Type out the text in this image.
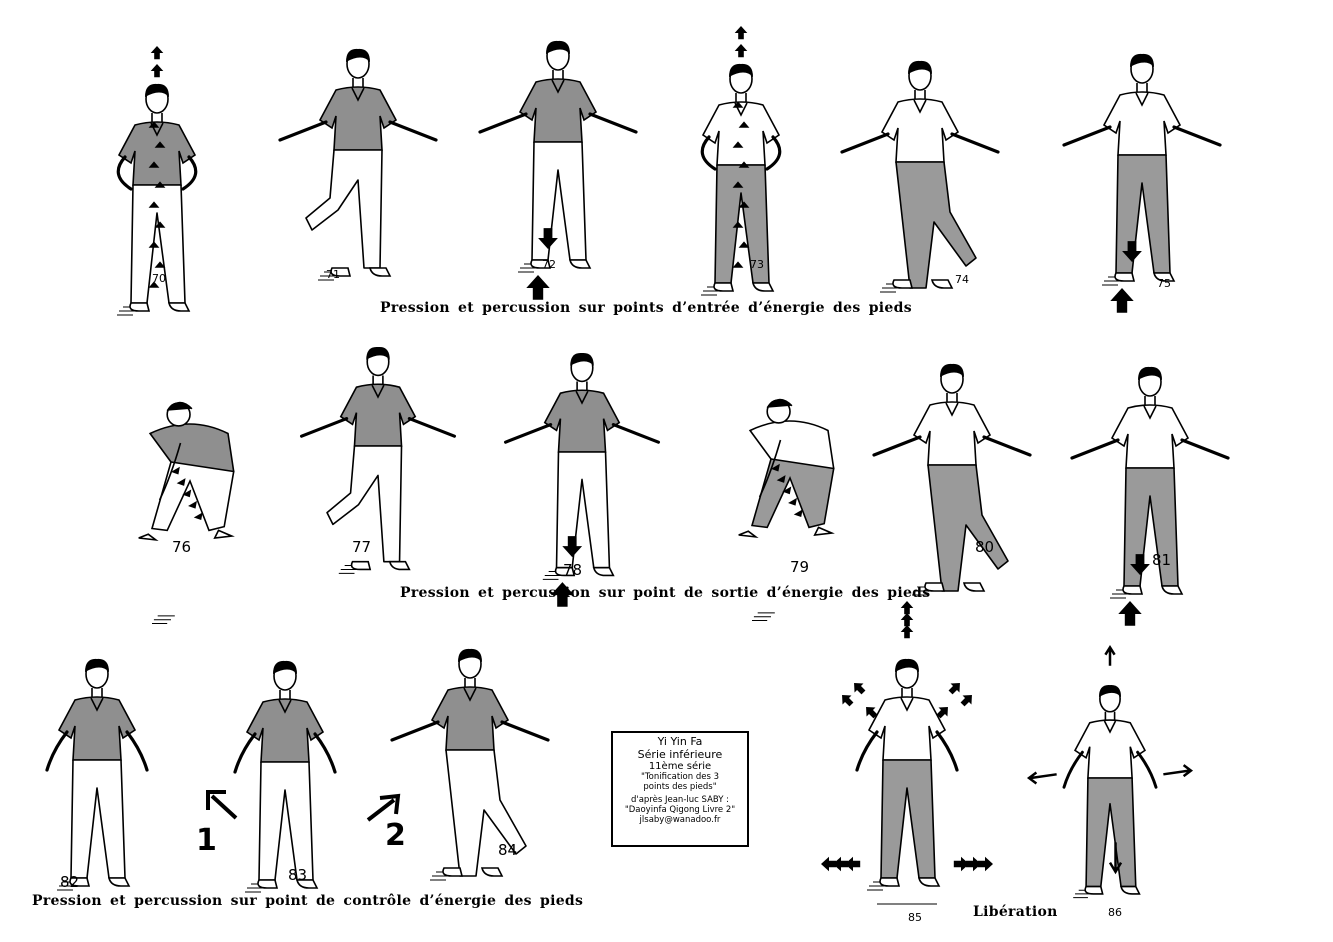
70	71
72	73
74	75
76	77
78	79
80
81
82	83
84
85	86
1	2
Pression et percussion sur points d’entrée d’énergie des pieds
Pression et percussion sur point de sortie d’énergie des pieds
Pression et percussion sur point de contrôle d’énergie des pieds
Libération
Yi Yin Fa
Série inférieure
11ème série
"Tonification des 3
points des pieds"
d'après Jean-luc SABY :
"Daoyinfa Qigong Livre 2"
jlsaby@wanadoo.fr
